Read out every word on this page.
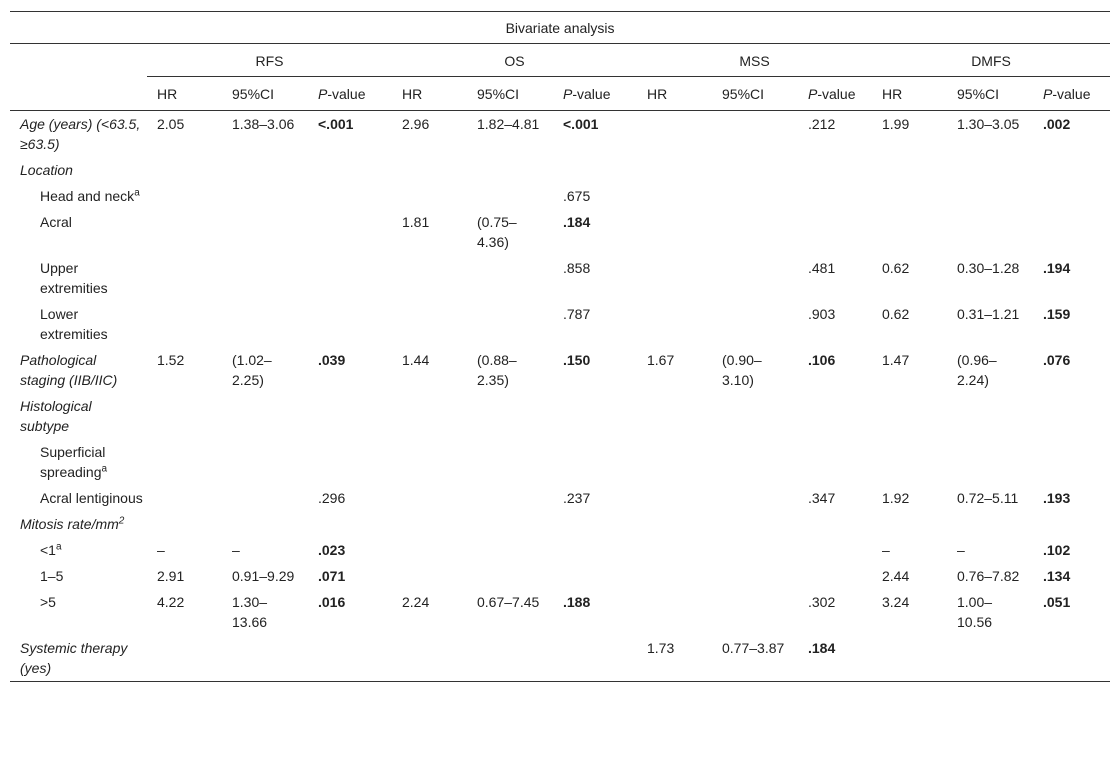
Bivariate analysis												
	RFS			OS			MSS			DMFS		
	HR	95%CI	P-value	HR	95%CI	P-value	HR	95%CI	P-value	HR	95%CI	P-value
Age (years) (<63.5, ≥63.5)	2.05	1.38–3.06	<.001	2.96	1.82–4.81	<.001			.212	1.99	1.30–3.05	.002
Location												
Head and neck$^a$						.675						
Acral				1.81	(0.75–4.36)	.184						
Upper extremities						.858			.481	0.62	0.30–1.28	.194
Lower extremities						.787			.903	0.62	0.31–1.21	.159
Pathological staging (IIB/IIC)	1.52	(1.02–2.25)	.039	1.44	(0.88–2.35)	.150	1.67	(0.90–3.10)	.106	1.47	(0.96–2.24)	.076
Histological subtype												
Superficial spreading$^a$												
Acral lentiginous			.296			.237			.347	1.92	0.72–5.11	.193
Mitosis rate/$mm^2$												
$<1^a$	–	–	.023							–	–	.102
1–5	2.91	0.91–9.29	.071							2.44	0.76–7.82	.134
>5	4.22	1.30–13.66	.016	2.24	0.67–7.45	.188			.302	3.24	1.00–10.56	.051
Systemic therapy (yes)							1.73	0.77–3.87	.184			
